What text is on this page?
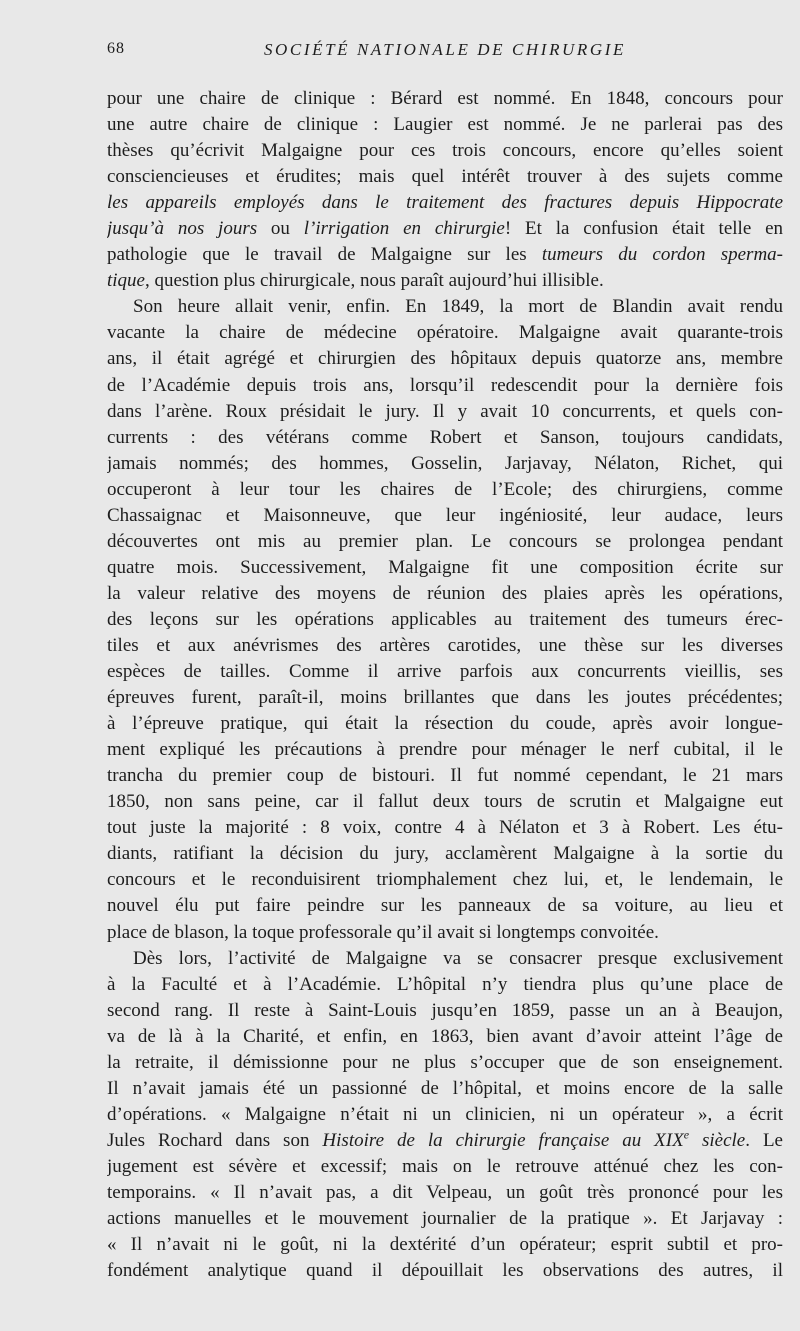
68	SOCIÉTÉ NATIONALE DE CHIRURGIE
pour une chaire de clinique : Bérard est nommé. En 1848, concours pour
une autre chaire de clinique : Laugier est nommé. Je ne parlerai pas des
thèses qu’écrivit Malgaigne pour ces trois concours, encore qu’elles soient
consciencieuses et érudites; mais quel intérêt trouver à des sujets comme
les appareils employés dans le traitement des fractures depuis Hippocrate
jusqu’à nos jours ou l’irrigation en chirurgie! Et la confusion était telle en
pathologie que le travail de Malgaigne sur les tumeurs du cordon sperma-
tique, question plus chirurgicale, nous paraît aujourd’hui illisible.
Son heure allait venir, enfin. En 1849, la mort de Blandin avait rendu
vacante la chaire de médecine opératoire. Malgaigne avait quarante-trois
ans, il était agrégé et chirurgien des hôpitaux depuis quatorze ans, membre
de l’Académie depuis trois ans, lorsqu’il redescendit pour la dernière fois
dans l’arène. Roux présidait le jury. Il y avait 10 concurrents, et quels con-
currents : des vétérans comme Robert et Sanson, toujours candidats,
jamais nommés; des hommes, Gosselin, Jarjavay, Nélaton, Richet, qui
occuperont à leur tour les chaires de l’Ecole; des chirurgiens, comme
Chassaignac et Maisonneuve, que leur ingéniosité, leur audace, leurs
découvertes ont mis au premier plan. Le concours se prolongea pendant
quatre mois. Successivement, Malgaigne fit une composition écrite sur
la valeur relative des moyens de réunion des plaies après les opérations,
des leçons sur les opérations applicables au traitement des tumeurs érec-
tiles et aux anévrismes des artères carotides, une thèse sur les diverses
espèces de tailles. Comme il arrive parfois aux concurrents vieillis, ses
épreuves furent, paraît-il, moins brillantes que dans les joutes précédentes;
à l’épreuve pratique, qui était la résection du coude, après avoir longue-
ment expliqué les précautions à prendre pour ménager le nerf cubital, il le
trancha du premier coup de bistouri. Il fut nommé cependant, le 21 mars
1850, non sans peine, car il fallut deux tours de scrutin et Malgaigne eut
tout juste la majorité : 8 voix, contre 4 à Nélaton et 3 à Robert. Les étu-
diants, ratifiant la décision du jury, acclamèrent Malgaigne à la sortie du
concours et le reconduisirent triomphalement chez lui, et, le lendemain, le
nouvel élu put faire peindre sur les panneaux de sa voiture, au lieu et
place de blason, la toque professorale qu’il avait si longtemps convoitée.
Dès lors, l’activité de Malgaigne va se consacrer presque exclusivement
à la Faculté et à l’Académie. L’hôpital n’y tiendra plus qu’une place de
second rang. Il reste à Saint-Louis jusqu’en 1859, passe un an à Beaujon,
va de là à la Charité, et enfin, en 1863, bien avant d’avoir atteint l’âge de
la retraite, il démissionne pour ne plus s’occuper que de son enseignement.
Il n’avait jamais été un passionné de l’hôpital, et moins encore de la salle
d’opérations. « Malgaigne n’était ni un clinicien, ni un opérateur », a écrit
Jules Rochard dans son Histoire de la chirurgie française au XIXe siècle. Le
jugement est sévère et excessif; mais on le retrouve atténué chez les con-
temporains. « Il n’avait pas, a dit Velpeau, un goût très prononcé pour les
actions manuelles et le mouvement journalier de la pratique ». Et Jarjavay :
« Il n’avait ni le goût, ni la dextérité d’un opérateur; esprit subtil et pro-
fondément analytique quand il dépouillait les observations des autres, il
